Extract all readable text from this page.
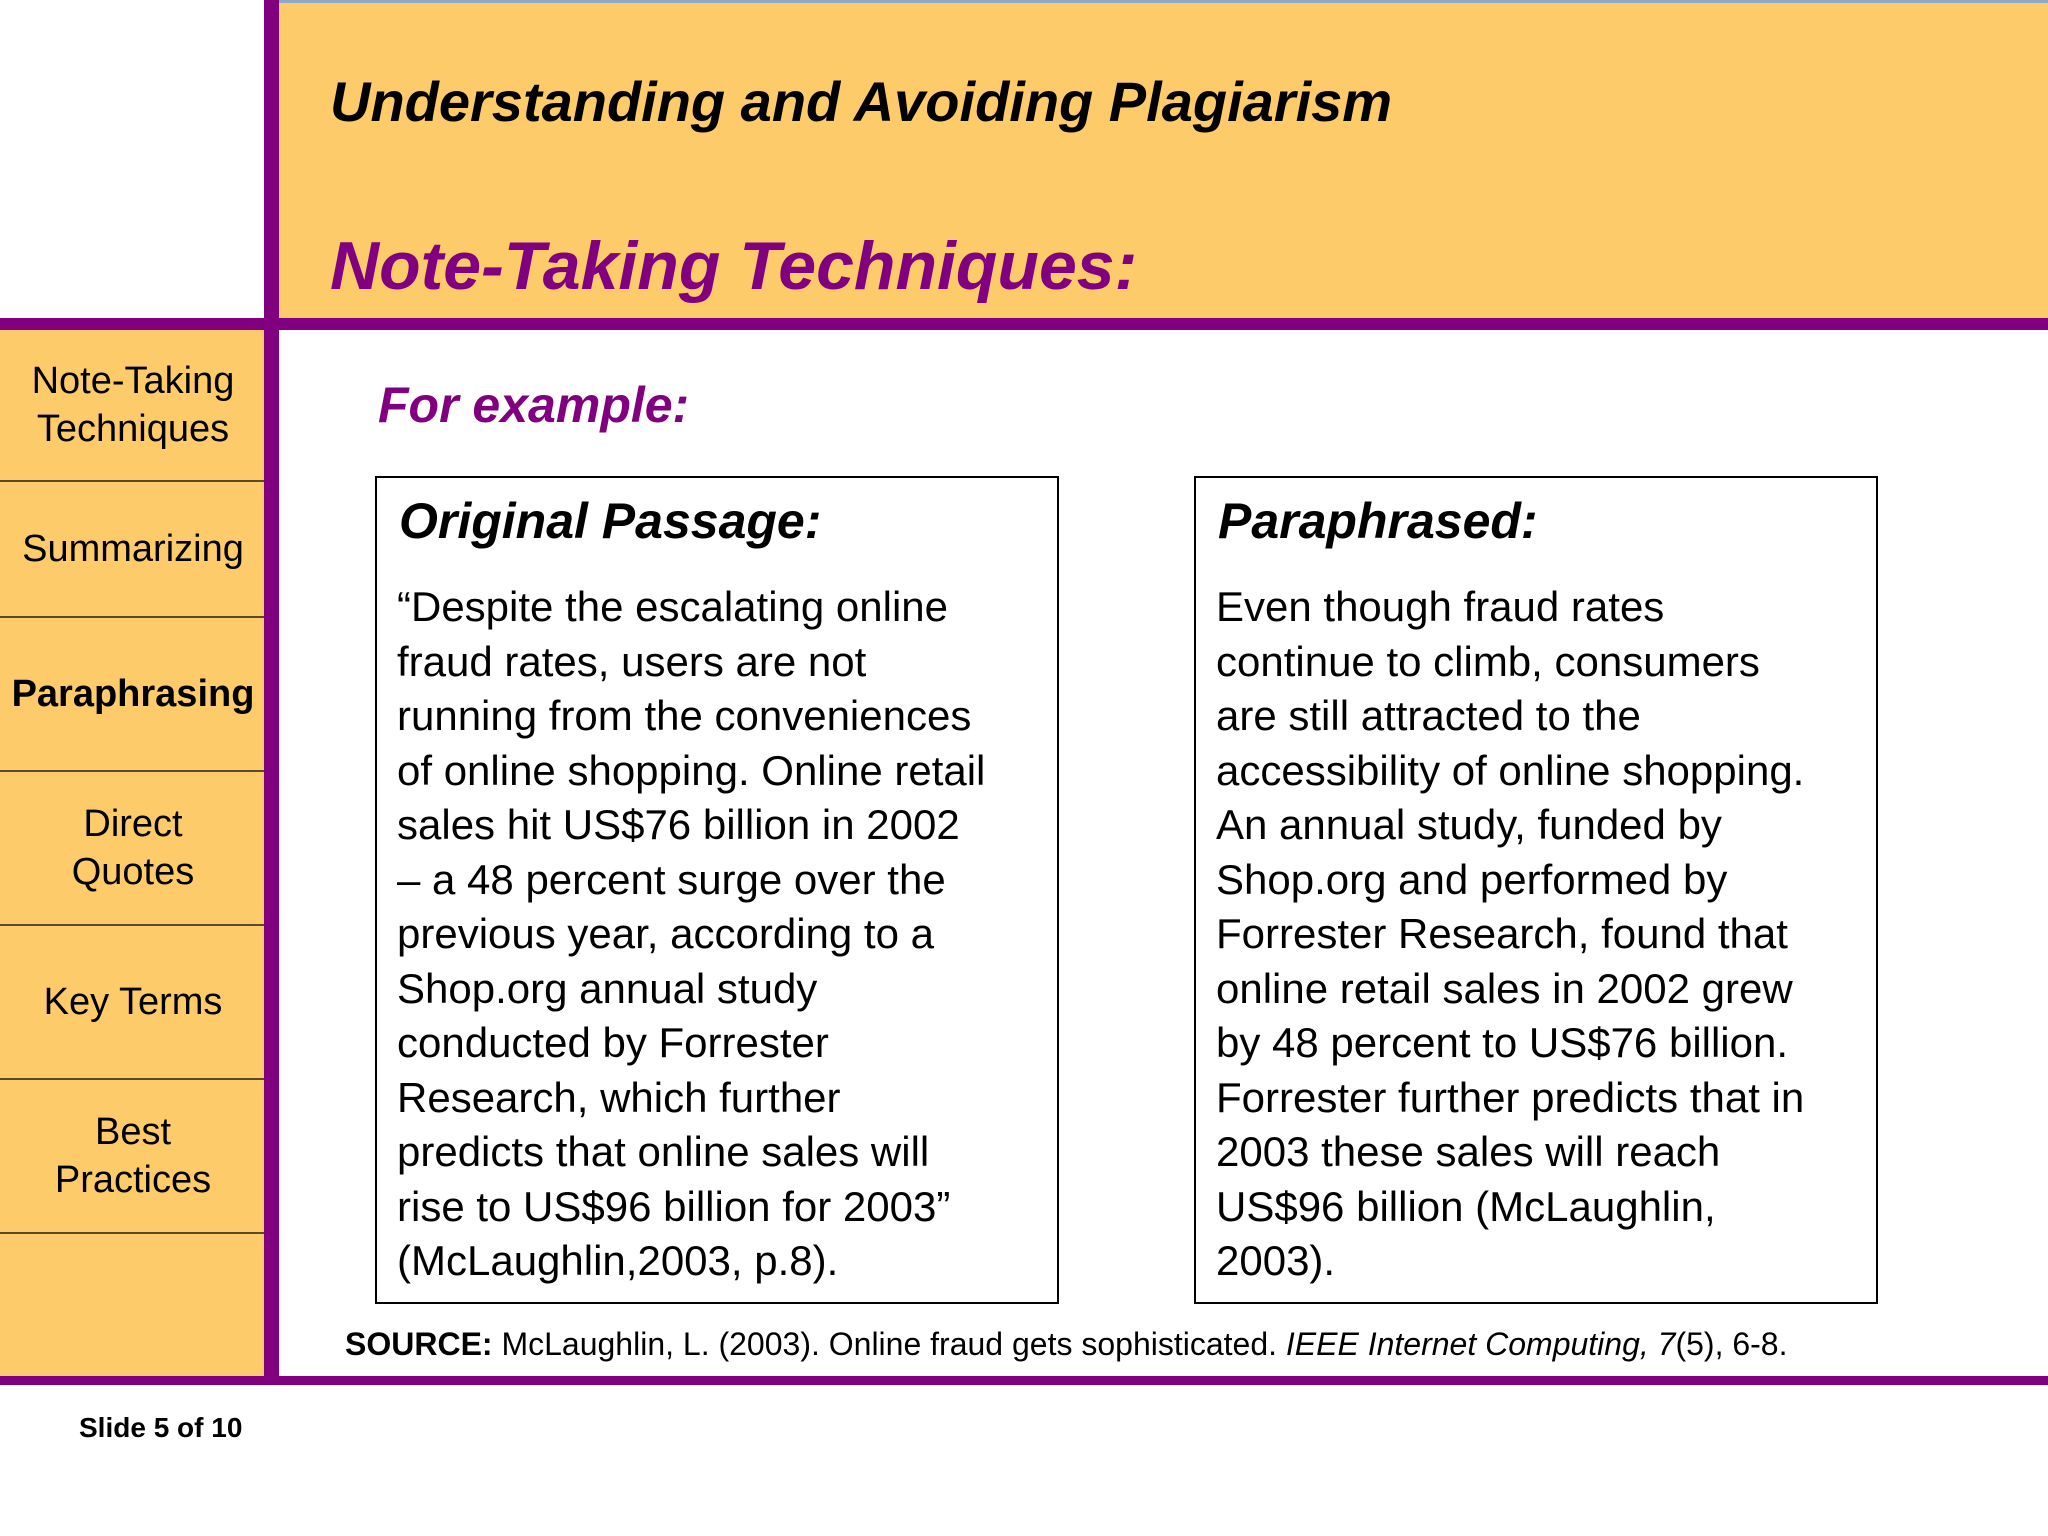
Understanding and Avoiding Plagiarism
Note-Taking Techniques:
Note-Taking
Techniques
Summarizing
Paraphrasing
Direct
Quotes
Key Terms
Best
Practices
For example:
Original Passage:
“Despite the escalating online
fraud rates, users are not
running from the conveniences
of online shopping. Online retail
sales hit US$76 billion in 2002
– a 48 percent surge over the
previous year, according to a
Shop.org annual study
conducted by Forrester
Research, which further
predicts that online sales will
rise to US$96 billion for 2003”
(McLaughlin,2003, p.8).
Paraphrased:
Even though fraud rates
continue to climb, consumers
are still attracted to the
accessibility of online shopping.
An annual study, funded by
Shop.org and performed by
Forrester Research, found that
online retail sales in 2002 grew
by 48 percent to US$76 billion.
Forrester further predicts that in
2003 these sales will reach
US$96 billion (McLaughlin,
2003).
SOURCE: McLaughlin, L. (2003). Online fraud gets sophisticated. IEEE Internet Computing, 7(5), 6-8.
Slide 5 of 10
